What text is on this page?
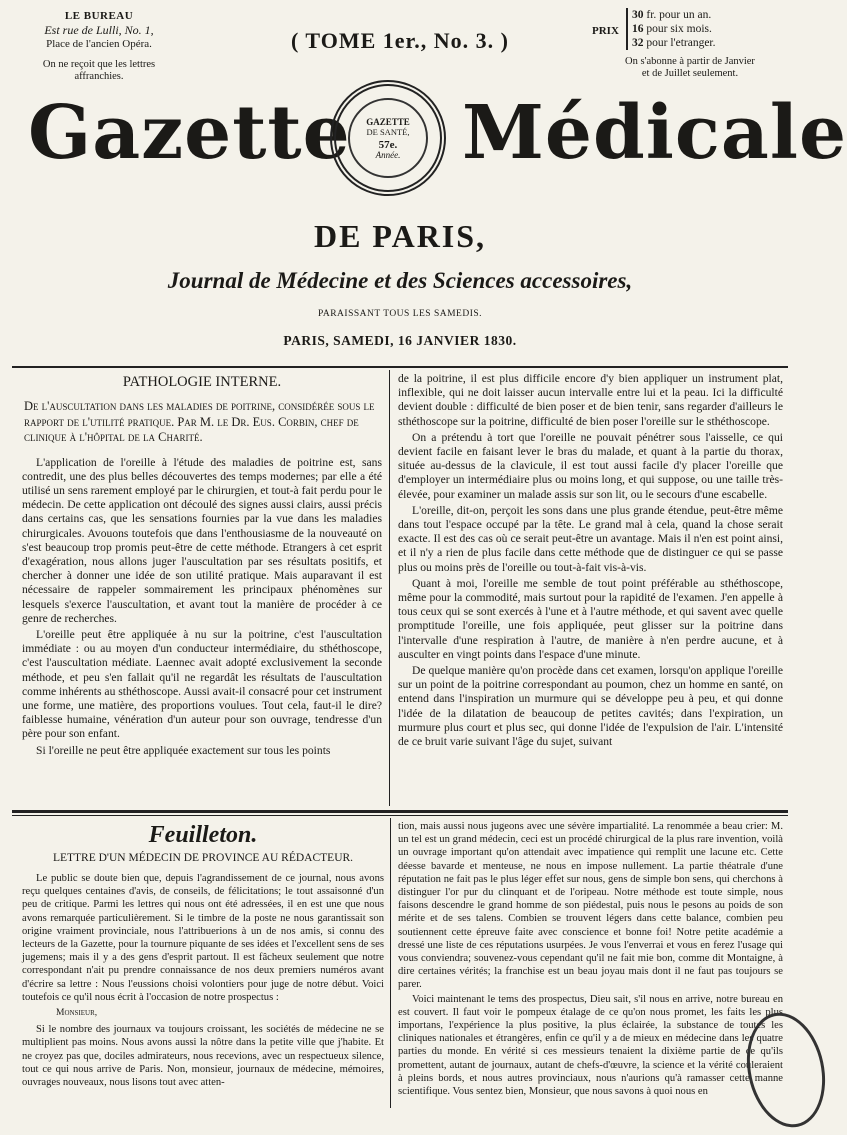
LE BUREAU
Est rue de Lulli, No. 1,
Place de l'ancien Opéra.
On ne reçoit que les lettres
affranchies.
( TOME 1er., No. 3. )	PRIX
30 fr. pour un an.
16 pour six mois.
32 pour l'etranger.
On s'abonne à partir de Janvier
et de Juillet seulement.
Gazette Médicale
GAZETTE
DE SANTÉ,
57e.
Année.
DE PARIS,
Journal de Médecine et des Sciences accessoires,
PARAISSANT TOUS LES SAMEDIS.
PARIS, SAMEDI, 16 JANVIER 1830.
PATHOLOGIE INTERNE.
De l'auscultation dans les maladies de poitrine, considérée sous le rapport de l'utilité pratique. Par M. le Dr. Eus. Corbin, chef de clinique à l'hôpital de la Charité.

L'application de l'oreille à l'étude des maladies de poitrine est, sans contredit, une des plus belles découvertes des temps modernes; par elle a été utilisé un sens rarement employé par le chirurgien, et tout-à fait perdu pour le médecin. De cette application ont découlé des signes aussi clairs, aussi précis dans certains cas, que les sensations fournies par la vue dans les maladies chirurgicales. Avouons toutefois que dans l'enthousiasme de la nouveauté on s'est beaucoup trop promis peut-être de cette méthode. Etrangers à cet esprit d'exagération, nous allons juger l'auscultation par ses résultats positifs, et chercher à donner une idée de son utilité pratique. Mais auparavant il est nécessaire de rappeler sommairement les principaux phénomènes sur lesquels s'exerce l'auscultation, et avant tout la manière de procéder à ce genre de recherches.

L'oreille peut être appliquée à nu sur la poitrine, c'est l'auscultation immédiate : ou au moyen d'un conducteur intermédiaire, du sthéthoscope, c'est l'auscultation médiate. Laennec avait adopté exclusivement la seconde méthode, et peu s'en fallait qu'il ne regardât les résultats de l'auscultation comme inhérents au sthéthoscope. Aussi avait-il consacré pour cet instrument une forme, une matière, des proportions voulues. Tout cela, faut-il le dire? faiblesse humaine, vénération d'un auteur pour son ouvrage, tendresse d'un père pour son enfant.

Si l'oreille ne peut être appliquée exactement sur tous les points

de la poitrine, il est plus difficile encore d'y bien appliquer un instrument plat, inflexible, qui ne doit laisser aucun intervalle entre lui et la peau. Ici la difficulté devient double : difficulté de bien poser et de bien tenir, sans regarder d'ailleurs le sthéthoscope sur la poitrine, difficulté de bien poser l'oreille sur le sthéthoscope.

On a prétendu à tort que l'oreille ne pouvait pénétrer sous l'aisselle, ce qui devient facile en faisant lever le bras du malade, et quant à la partie du thorax, située au-dessus de la clavicule, il est tout aussi facile d'y placer l'oreille que d'employer un intermédiaire plus ou moins long, et qui suppose, ou une taille très-élevée, pour examiner un malade assis sur son lit, ou le secours d'une escabelle.

L'oreille, dit-on, perçoit les sons dans une plus grande étendue, peut-être même dans tout l'espace occupé par la tête. Le grand mal à cela, quand la chose serait exacte. Il est des cas où ce serait peut-être un avantage. Mais il n'en est point ainsi, et il n'y a rien de plus facile dans cette méthode que de distinguer ce qui se passe plus ou moins près de l'oreille ou tout-à-fait vis-à-vis.

Quant à moi, l'oreille me semble de tout point préférable au sthéthoscope, même pour la commodité, mais surtout pour la rapidité de l'examen. J'en appelle à tous ceux qui se sont exercés à l'une et à l'autre méthode, et qui savent avec quelle promptitude l'oreille, une fois appliquée, peut glisser sur la poitrine dans l'intervalle d'une respiration à l'autre, de manière à n'en perdre aucune, et à ausculter en vingt points dans l'espace d'une minute.

De quelque manière qu'on procède dans cet examen, lorsqu'on applique l'oreille sur un point de la poitrine correspondant au poumon, chez un homme en santé, on entend dans l'inspiration un murmure qui se développe peu à peu, et qui donne l'idée de la dilatation de beaucoup de petites cavités; dans l'expiration, un murmure plus court et plus sec, qui donne l'idée de l'expulsion de l'air. L'intensité de ce bruit varie suivant l'âge du sujet, suivant

Feuilleton.
LETTRE D'UN MÉDECIN DE PROVINCE AU RÉDACTEUR.

Le public se doute bien que, depuis l'agrandissement de ce journal, nous avons reçu quelques centaines d'avis, de conseils, de félicitations; le tout assaisonné d'un peu de critique. Parmi les lettres qui nous ont été adressées, il en est une que nous avons remarquée particulièrement. Si le timbre de la poste ne nous garantissait son origine vraiment provinciale, nous l'attribuerions à un de nos amis, si connu des lecteurs de la Gazette, pour la tournure piquante de ses idées et l'excellent sens de ses jugemens; mais il y a des gens d'esprit partout. Il est fâcheux seulement que notre correspondant n'ait pu prendre connaissance de nos deux premiers numéros avant d'écrire sa lettre : Nous l'eussions choisi volontiers pour juge de notre début. Voici toutefois ce qu'il nous écrit à l'occasion de notre prospectus :

Monsieur,

Si le nombre des journaux va toujours croissant, les sociétés de médecine ne se multiplient pas moins. Nous avons aussi la nôtre dans la petite ville que j'habite. Et ne croyez pas que, dociles admirateurs, nous recevions, avec un respectueux silence, tout ce qui nous arrive de Paris. Non, monsieur, journaux de médecine, mémoires, ouvrages nouveaux, nous lisons tout avec atten-

tion, mais aussi nous jugeons avec une sévère impartialité. La renommée a beau crier: M. un tel est un grand médecin, ceci est un procédé chirurgical de la plus rare invention, voilà un ouvrage important qu'on attendait avec impatience qui remplit une lacune etc. Cette déesse bavarde et menteuse, ne nous en impose nullement. La partie théatrale d'une réputation ne fait pas le plus léger effet sur nous, gens de simple bon sens, qui cherchons à distinguer l'or pur du clinquant et de l'oripeau. Notre méthode est toute simple, nous faisons descendre le grand homme de son piédestal, puis nous le pesons au poids de son mérite et de ses talens. Combien se trouvent légers dans cette balance, combien peu soutiennent cette épreuve faite avec conscience et bonne foi! Notre petite académie a dressé une liste de ces réputations usurpées. Je vous l'enverrai et vous en ferez l'usage qui vous conviendra; souvenez-vous cependant qu'il ne fait mie bon, comme dit Montaigne, à dire certaines vérités; la franchise est un beau joyau mais dont il ne faut pas toujours se parer.

Voici maintenant le tems des prospectus, Dieu sait, s'il nous en arrive, notre bureau en est couvert. Il faut voir le pompeux étalage de ce qu'on nous promet, les faits les plus importans, l'expérience la plus positive, la plus éclairée, la substance de toutes les cliniques nationales et étrangères, enfin ce qu'il y a de mieux en médecine dans les quatre parties du monde. En vérité si ces messieurs tenaient la dixième partie de ce qu'ils promettent, autant de journaux, autant de chefs-d'œuvre, la science et la vérité couleraient à pleins bords, et nous autres provinciaux, nous n'aurions qu'à ramasser cette manne scientifique. Vous sentez bien, Monsieur, que nous savons à quoi nous en
